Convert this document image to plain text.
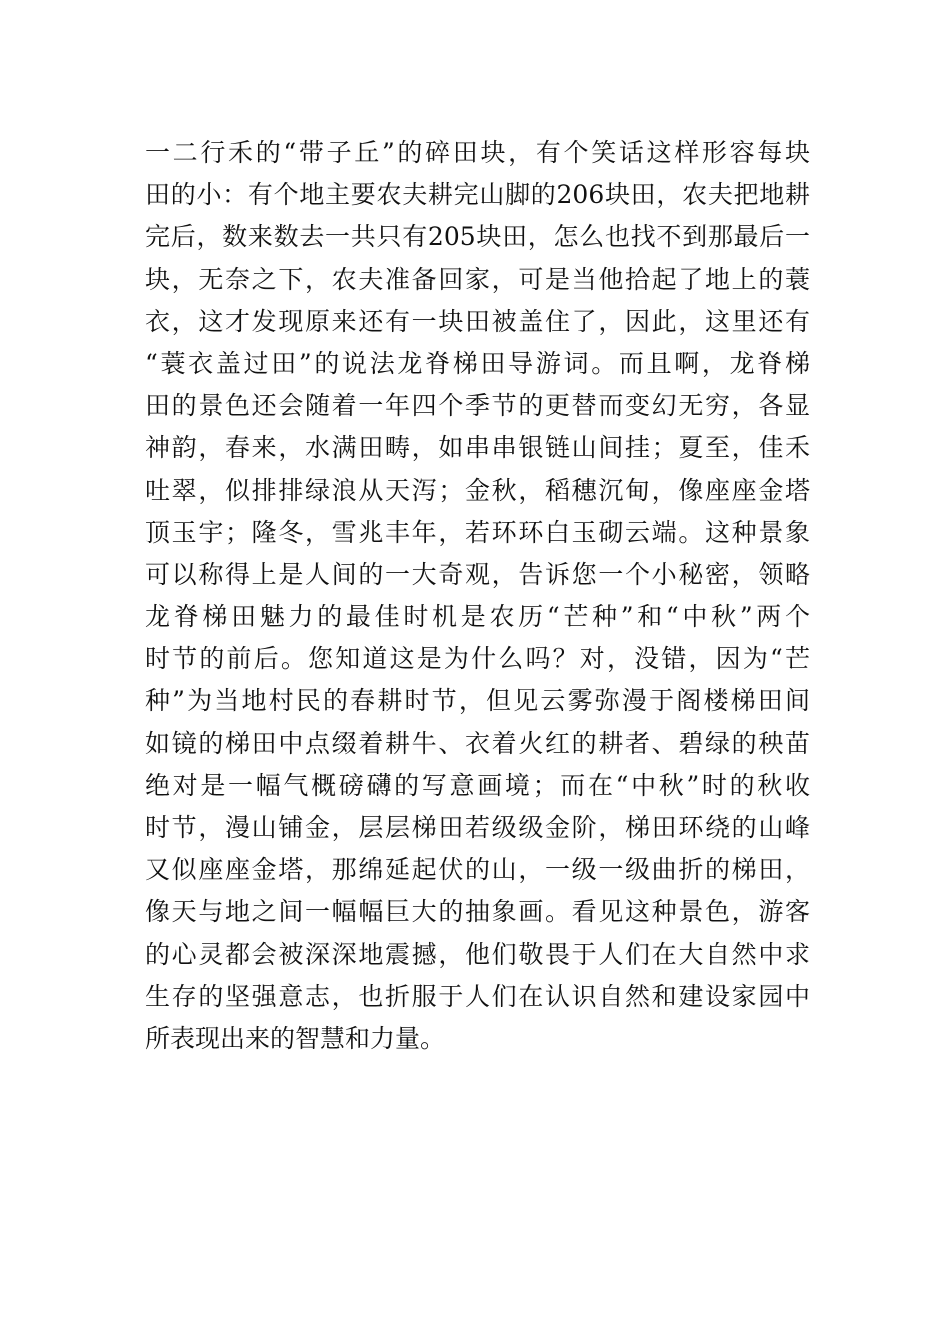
一二行禾的“带子丘”的碎田块，有个笑话这样形容每块
田的小：有个地主要农夫耕完山脚的206块田，农夫把地耕
完后，数来数去一共只有205块田，怎么也找不到那最后一
块，无奈之下，农夫准备回家，可是当他拾起了地上的蓑
衣，这才发现原来还有一块田被盖住了，因此，这里还有
“蓑衣盖过田”的说法龙脊梯田导游词。而且啊，龙脊梯
田的景色还会随着一年四个季节的更替而变幻无穷，各显
神韵，春来，水满田畴，如串串银链山间挂；夏至，佳禾
吐翠，似排排绿浪从天泻；金秋，稻穗沉甸，像座座金塔
顶玉宇；隆冬，雪兆丰年，若环环白玉砌云端。这种景象
可以称得上是人间的一大奇观，告诉您一个小秘密，领略
龙脊梯田魅力的最佳时机是农历“芒种”和“中秋”两个
时节的前后。您知道这是为什么吗？对，没错，因为“芒
种”为当地村民的春耕时节，但见云雾弥漫于阁楼梯田间
如镜的梯田中点缀着耕牛、衣着火红的耕者、碧绿的秧苗
绝对是一幅气概磅礴的写意画境；而在“中秋”时的秋收
时节，漫山铺金，层层梯田若级级金阶，梯田环绕的山峰
又似座座金塔，那绵延起伏的山，一级一级曲折的梯田，
像天与地之间一幅幅巨大的抽象画。看见这种景色，游客
的心灵都会被深深地震撼，他们敬畏于人们在大自然中求
生存的坚强意志，也折服于人们在认识自然和建设家园中
所表现出来的智慧和力量。
